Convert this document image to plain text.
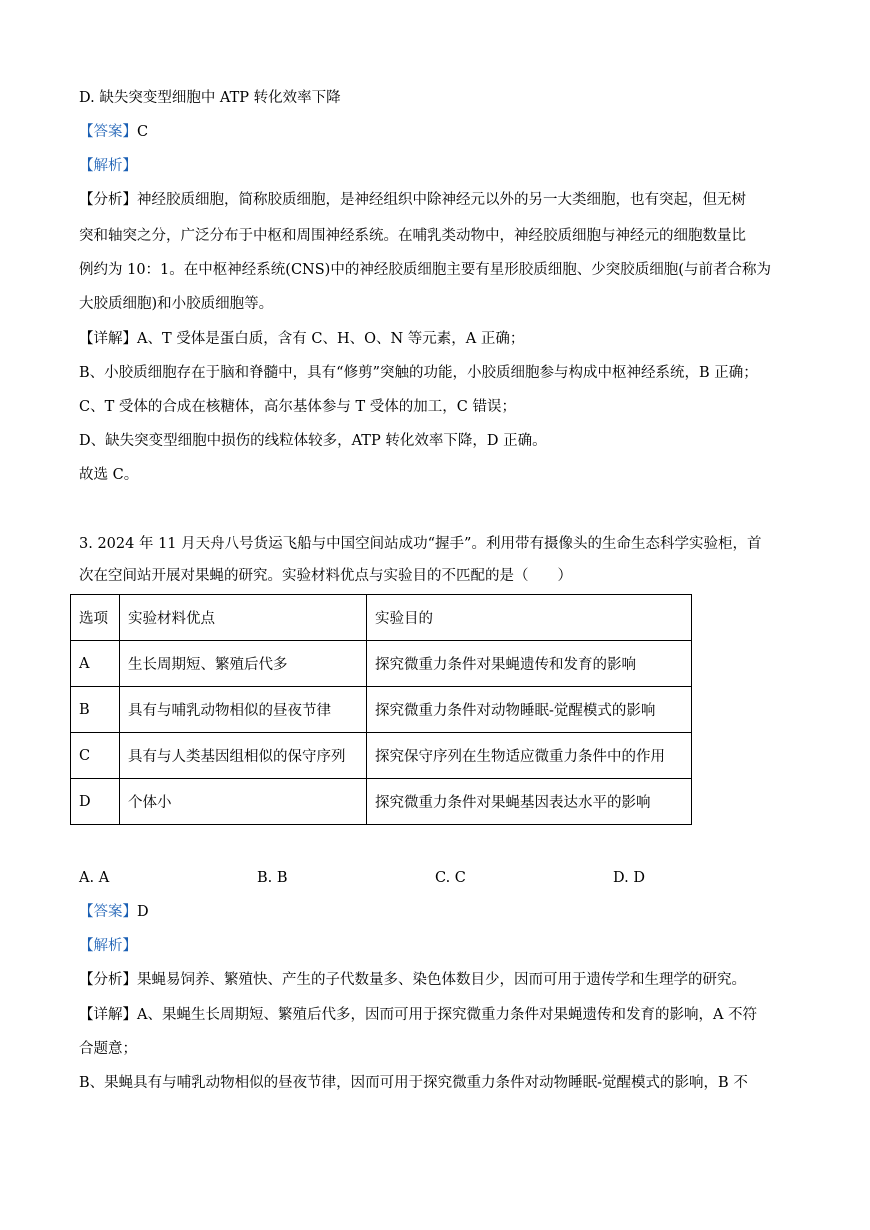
D. 缺失突变型细胞中 ATP 转化效率下降
【答案】C
【解析】
【分析】神经胶质细胞，简称胶质细胞，是神经组织中除神经元以外的另一大类细胞，也有突起，但无树
突和轴突之分，广泛分布于中枢和周围神经系统。在哺乳类动物中，神经胶质细胞与神经元的细胞数量比
例约为 10：1。在中枢神经系统(CNS)中的神经胶质细胞主要有星形胶质细胞、少突胶质细胞(与前者合称为
大胶质细胞)和小胶质细胞等。
【详解】A、T 受体是蛋白质，含有 C、H、O、N 等元素，A 正确；
B、小胶质细胞存在于脑和脊髓中，具有“修剪”突触的功能，小胶质细胞参与构成中枢神经系统，B 正确；
C、T 受体的合成在核糖体，高尔基体参与 T 受体的加工，C 错误；
D、缺失突变型细胞中损伤的线粒体较多，ATP 转化效率下降，D 正确。
故选 C。
3. 2024 年 11 月天舟八号货运飞船与中国空间站成功“握手”。利用带有摄像头的生命生态科学实验柜，首
次在空间站开展对果蝇的研究。实验材料优点与实验目的不匹配的是（　　）
选项	实验材料优点	实验目的
A	生长周期短、繁殖后代多	探究微重力条件对果蝇遗传和发育的影响
B	具有与哺乳动物相似的昼夜节律	探究微重力条件对动物睡眠-觉醒模式的影响
C	具有与人类基因组相似的保守序列	探究保守序列在生物适应微重力条件中的作用
D	个体小	探究微重力条件对果蝇基因表达水平的影响
A. A	B. B	C. C	D. D
【答案】D
【解析】
【分析】果蝇易饲养、繁殖快、产生的子代数量多、染色体数目少，因而可用于遗传学和生理学的研究。
【详解】A、果蝇生长周期短、繁殖后代多，因而可用于探究微重力条件对果蝇遗传和发育的影响，A 不符
合题意；
B、果蝇具有与哺乳动物相似的昼夜节律，因而可用于探究微重力条件对动物睡眠-觉醒模式的影响，B 不
